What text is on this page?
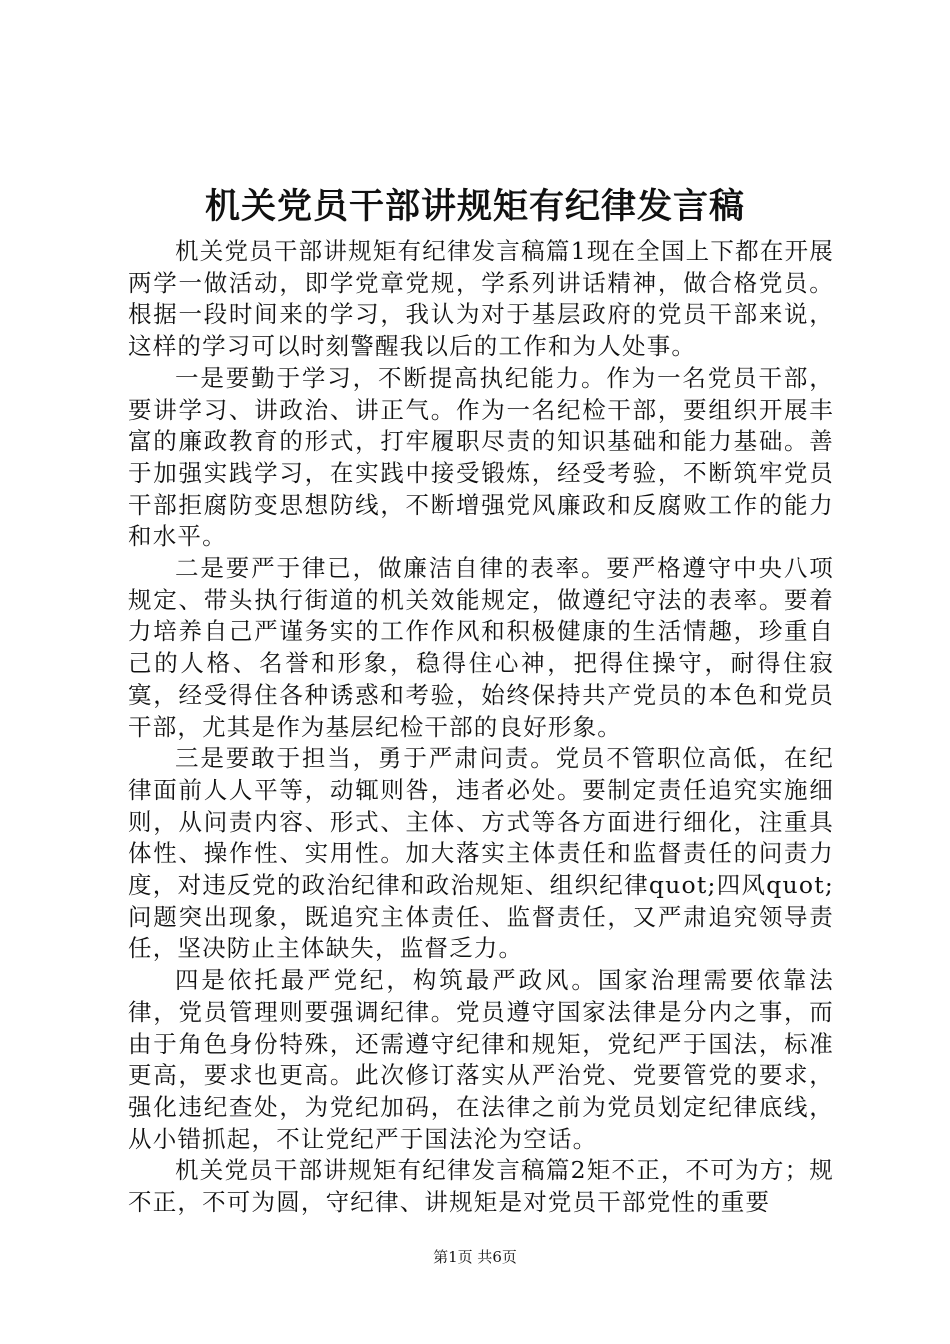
机关党员干部讲规矩有纪律发言稿

机关党员干部讲规矩有纪律发言稿篇1现在全国上下都在开展两学一做活动，即学党章党规，学系列讲话精神，做合格党员。根据一段时间来的学习，我认为对于基层政府的党员干部来说，这样的学习可以时刻警醒我以后的工作和为人处事。

一是要勤于学习，不断提高执纪能力。作为一名党员干部，要讲学习、讲政治、讲正气。作为一名纪检干部，要组织开展丰富的廉政教育的形式，打牢履职尽责的知识基础和能力基础。善于加强实践学习，在实践中接受锻炼，经受考验，不断筑牢党员干部拒腐防变思想防线，不断增强党风廉政和反腐败工作的能力和水平。

二是要严于律已，做廉洁自律的表率。要严格遵守中央八项规定、带头执行街道的机关效能规定，做遵纪守法的表率。要着力培养自己严谨务实的工作作风和积极健康的生活情趣，珍重自己的人格、名誉和形象，稳得住心神，把得住操守，耐得住寂寞，经受得住各种诱惑和考验，始终保持共产党员的本色和党员干部，尤其是作为基层纪检干部的良好形象。

三是要敢于担当，勇于严肃问责。党员不管职位高低，在纪律面前人人平等，动辄则咎，违者必处。要制定责任追究实施细则，从问责内容、形式、主体、方式等各方面进行细化，注重具体性、操作性、实用性。加大落实主体责任和监督责任的问责力度，对违反党的政治纪律和政治规矩、组织纪律quot;四风quot;问题突出现象，既追究主体责任、监督责任，又严肃追究领导责任，坚决防止主体缺失，监督乏力。

四是依托最严党纪，构筑最严政风。国家治理需要依靠法律，党员管理则要强调纪律。党员遵守国家法律是分内之事，而由于角色身份特殊，还需遵守纪律和规矩，党纪严于国法，标准更高，要求也更高。此次修订落实从严治党、党要管党的要求，强化违纪查处，为党纪加码，在法律之前为党员划定纪律底线，从小错抓起，不让党纪严于国法沦为空话。

机关党员干部讲规矩有纪律发言稿篇2矩不正，不可为方；规不正，不可为圆，守纪律、讲规矩是对党员干部党性的重要

第1页 共6页
